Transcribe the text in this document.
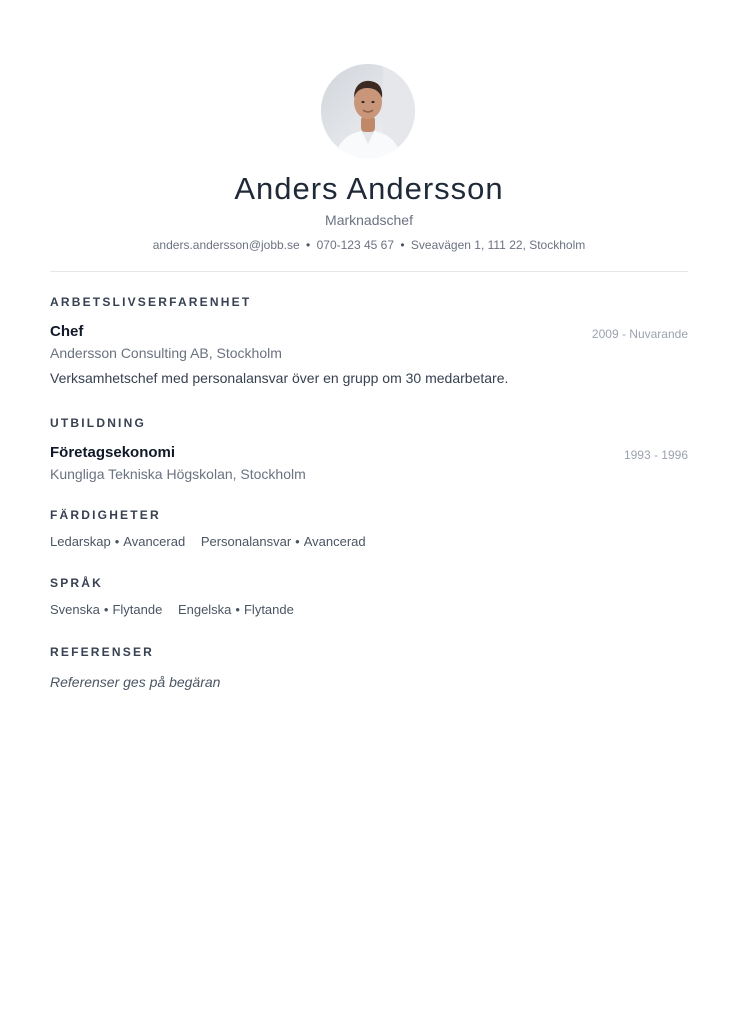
Anders Andersson
Marknadschef
anders.andersson@jobb.se • 070-123 45 67 • Sveavägen 1, 111 22, Stockholm
ARBETSLIVSERFARENHET
Chef	2009 - Nuvarande
Andersson Consulting AB, Stockholm
Verksamhetschef med personalansvar över en grupp om 30 medarbetare.
UTBILDNING
Företagsekonomi	1993 - 1996
Kungliga Tekniska Högskolan, Stockholm
FÄRDIGHETER
Ledarskap • Avancerad Personalansvar • Avancerad
SPRÅK
Svenska • Flytande Engelska • Flytande
REFERENSER
Referenser ges på begäran
